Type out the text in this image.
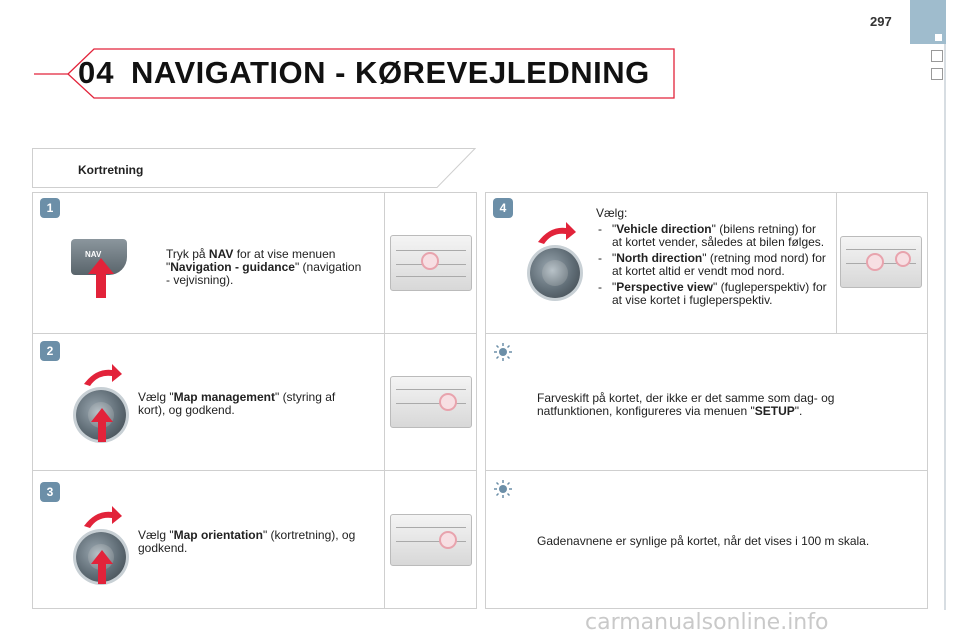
297
04 NAVIGATION - KØREVEJLEDNING
Kortretning
1
NAV	Tryk på NAV for at vise menuen "Navigation - guidance" (navigation - vejvisning).
2
Vælg "Map management" (styring af kort), og godkend.
3
Vælg "Map orientation" (kortretning), og godkend.
4	Vælg:
- "Vehicle direction" (bilens retning) for at kortet vender, således at bilen følges.
- "North direction" (retning mod nord) for at kortet altid er vendt mod nord.
- "Perspective view" (fugleperspektiv) for at vise kortet i fugleperspektiv.
Farveskift på kortet, der ikke er det samme som dag- og natfunktionen, konfigureres via menuen "SETUP".
Gadenavnene er synlige på kortet, når det vises i 100 m skala.
carmanualsonline.info
